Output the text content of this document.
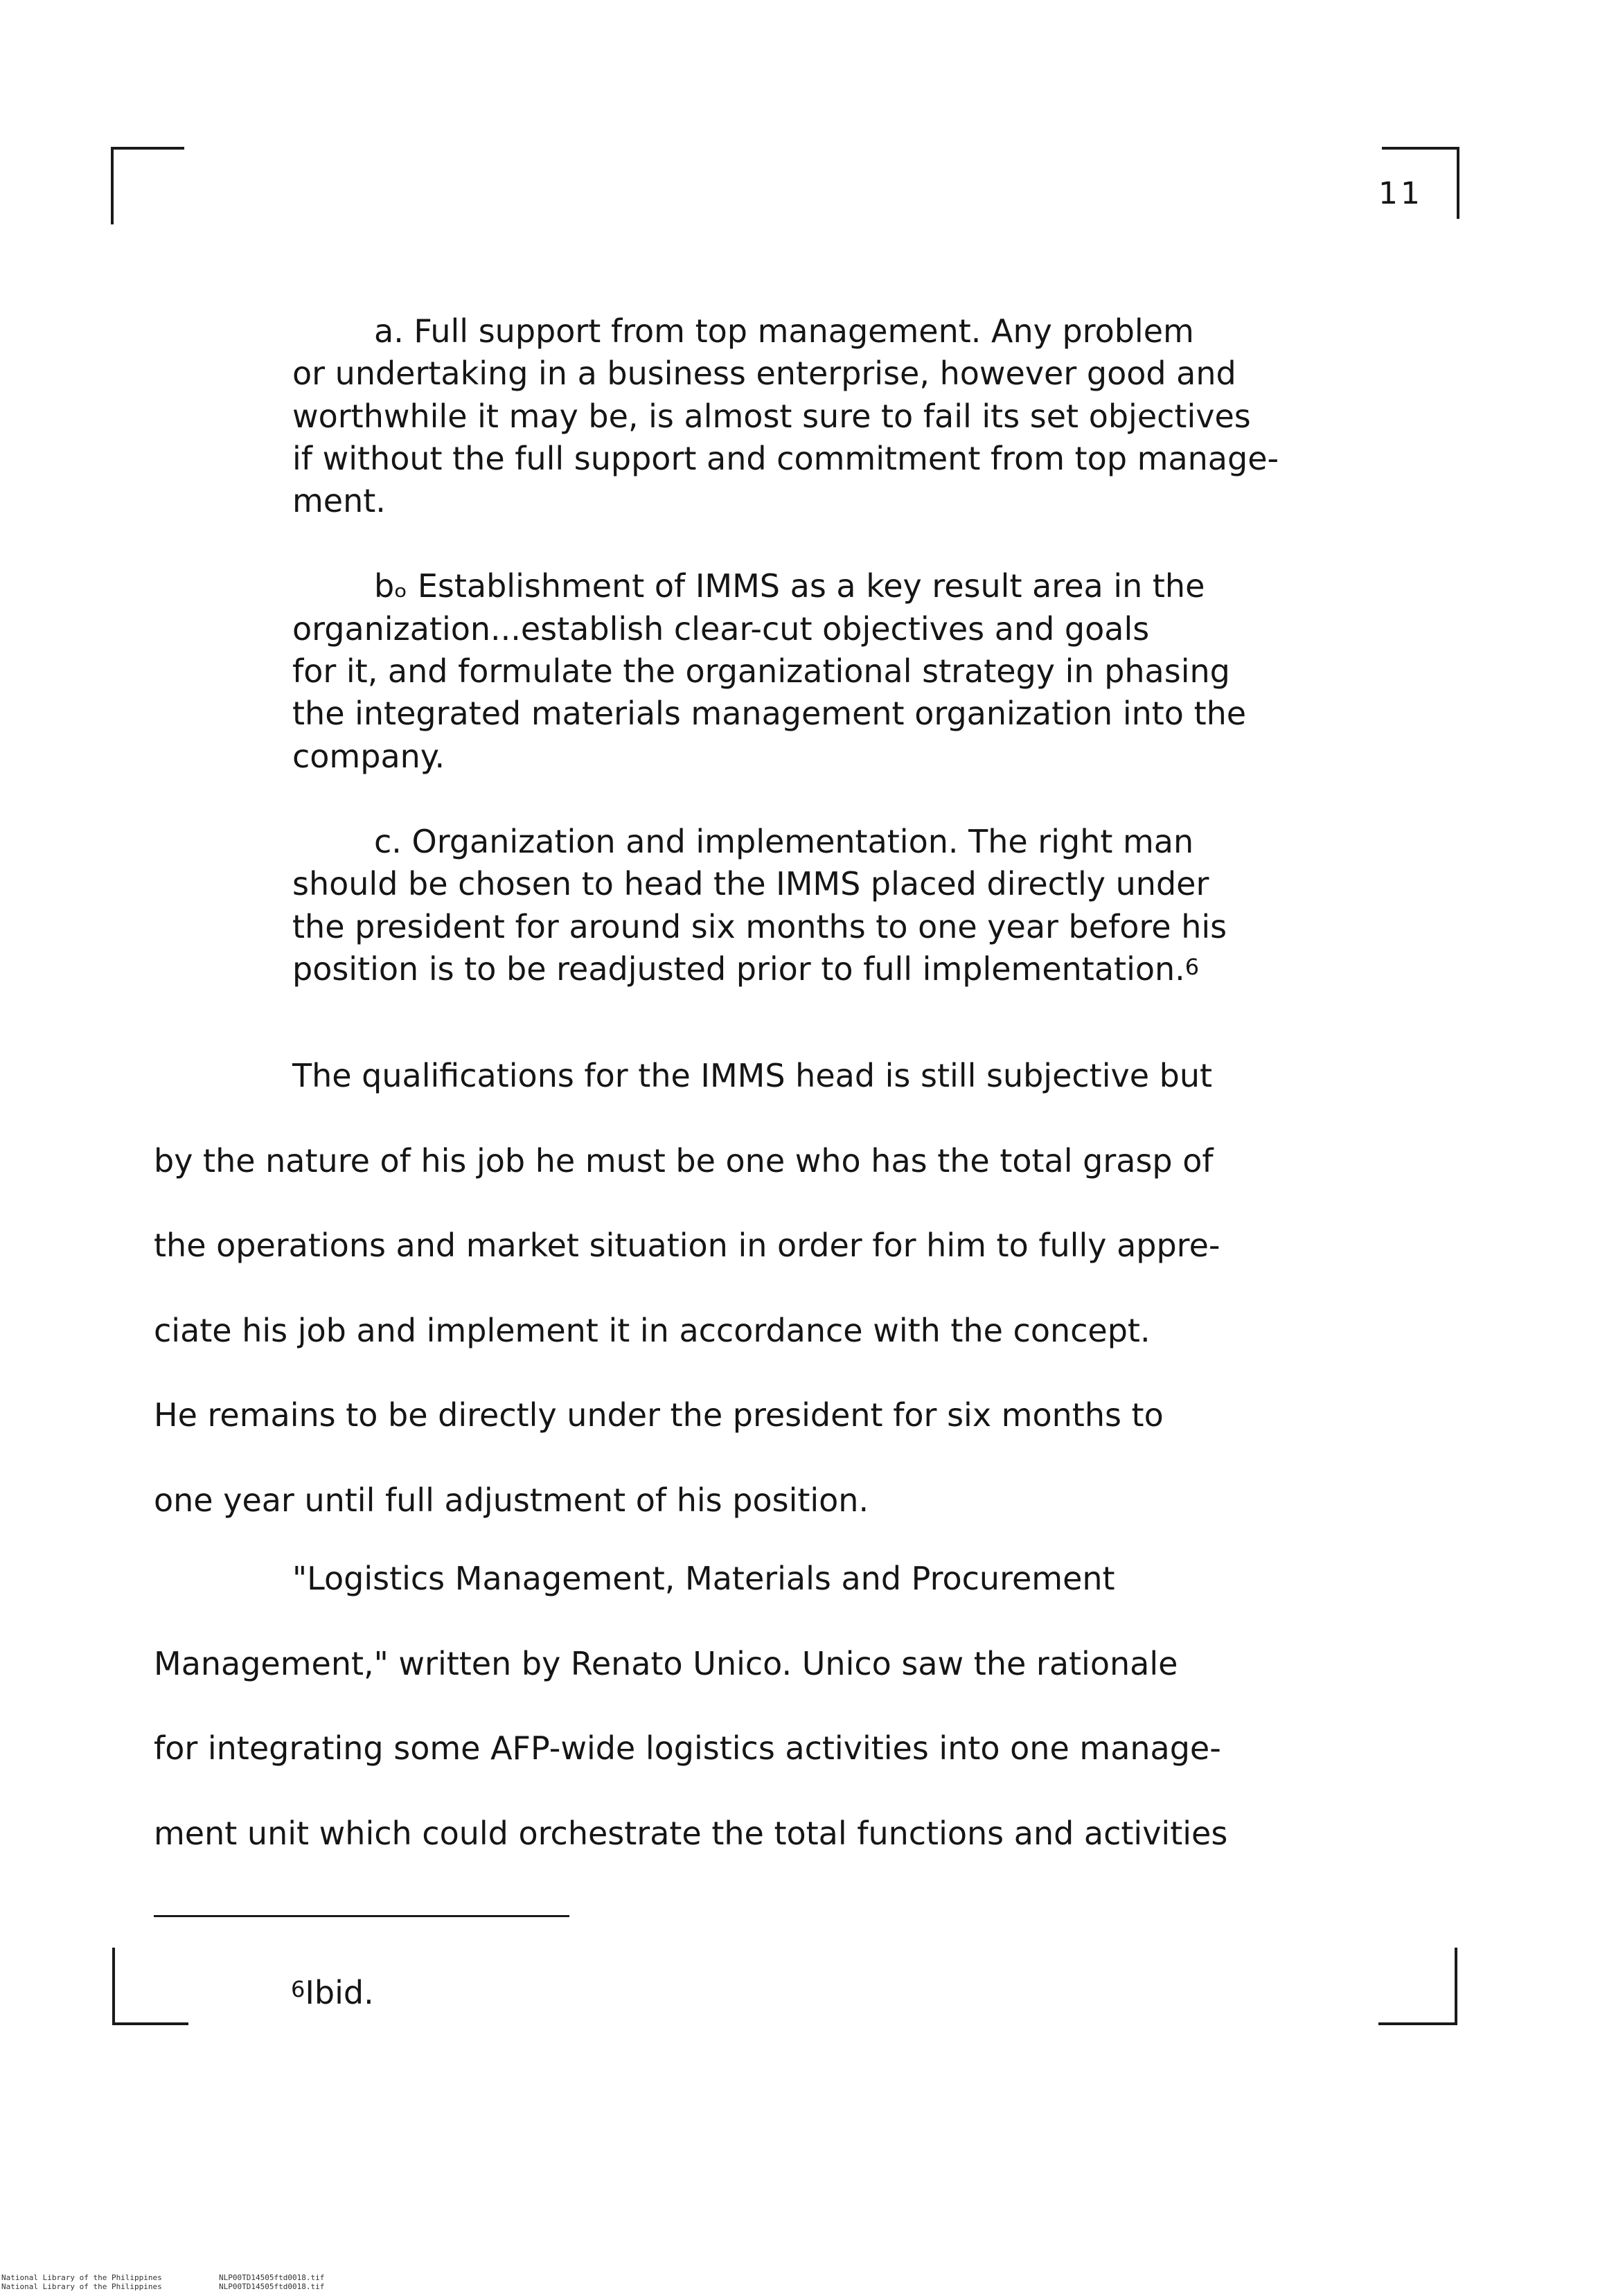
11
a. Full support from top management. Any problem
or undertaking in a business enterprise, however good and
worthwhile it may be, is almost sure to fail its set objectives
if without the full support and commitment from top manage-
ment.
bₒ Establishment of IMMS as a key result area in the
organization...establish clear-cut objectives and goals
for it, and formulate the organizational strategy in phasing
the integrated materials management organization into the
company.
c. Organization and implementation. The right man
should be chosen to head the IMMS placed directly under
the president for around six months to one year before his
position is to be readjusted prior to full implementation.$^6$
The qualifications for the IMMS head is still subjective but
by the nature of his job he must be one who has the total grasp of
the operations and market situation in order for him to fully appre-
ciate his job and implement it in accordance with the concept.
He remains to be directly under the president for six months to
one year until full adjustment of his position.
"Logistics Management, Materials and Procurement
Management," written by Renato Unico. Unico saw the rationale
for integrating some AFP-wide logistics activities into one manage-
ment unit which could orchestrate the total functions and activities
$^6$Ibid.
National Library of the Philippines
National Library of the Philippines
NLP00TD14505ftd0018.tif
NLP00TD14505ftd0018.tif
